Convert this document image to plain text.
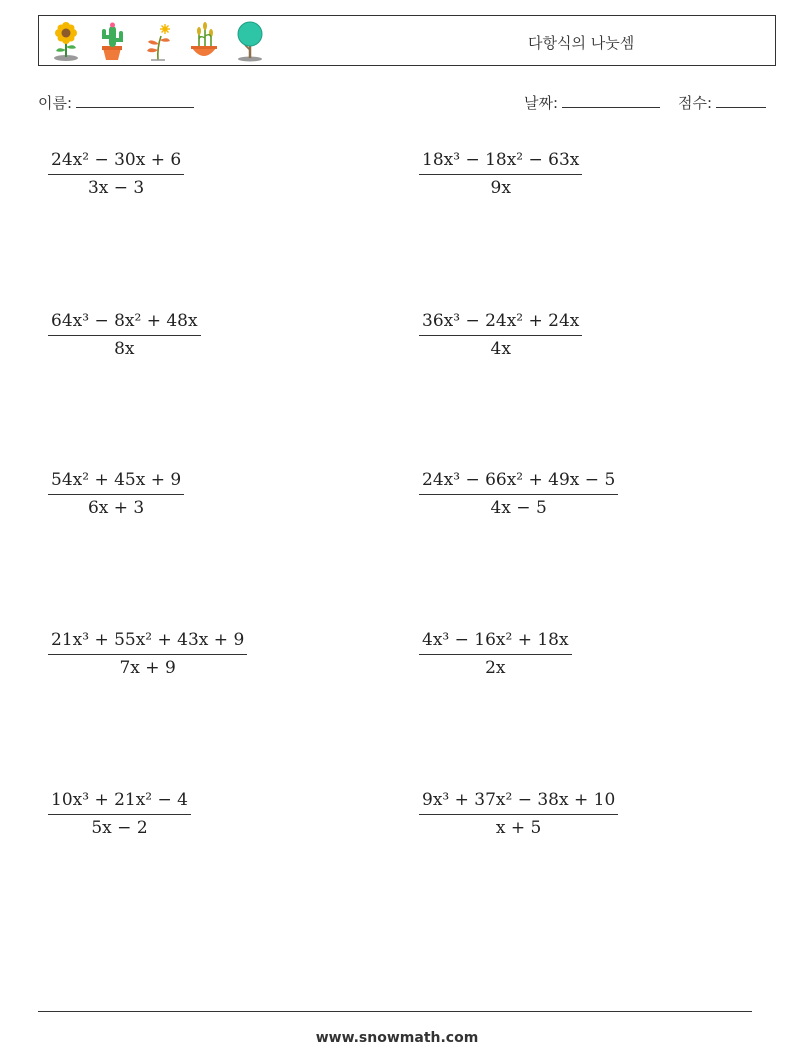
다항식의 나눗셈
이름:	날짜:	점수:
$\frac{\text{24x² − 30x + 6}}{3x - 3}$	$\frac{\text{18x³ − 18x² − 63x}}{9x}$
$\frac{\text{64x³ − 8x² + 48x}}{8x}$	$\frac{\text{36x³ − 24x² + 24x}}{4x}$
$\frac{\text{54x² + 45x + 9}}{6x + 3}$	$\frac{\text{24x³ − 66x² + 49x − 5}}{4x - 5}$
$\frac{\text{21x³ + 55x² + 43x + 9}}{7x + 9}$	$\frac{\text{4x³ − 16x² + 18x}}{2x}$
$\frac{\text{10x³ + 21x² − 4}}{5x - 2}$	$\frac{\text{9x³ + 37x² − 38x + 10}}{x + 5}$
www.snowmath.com
